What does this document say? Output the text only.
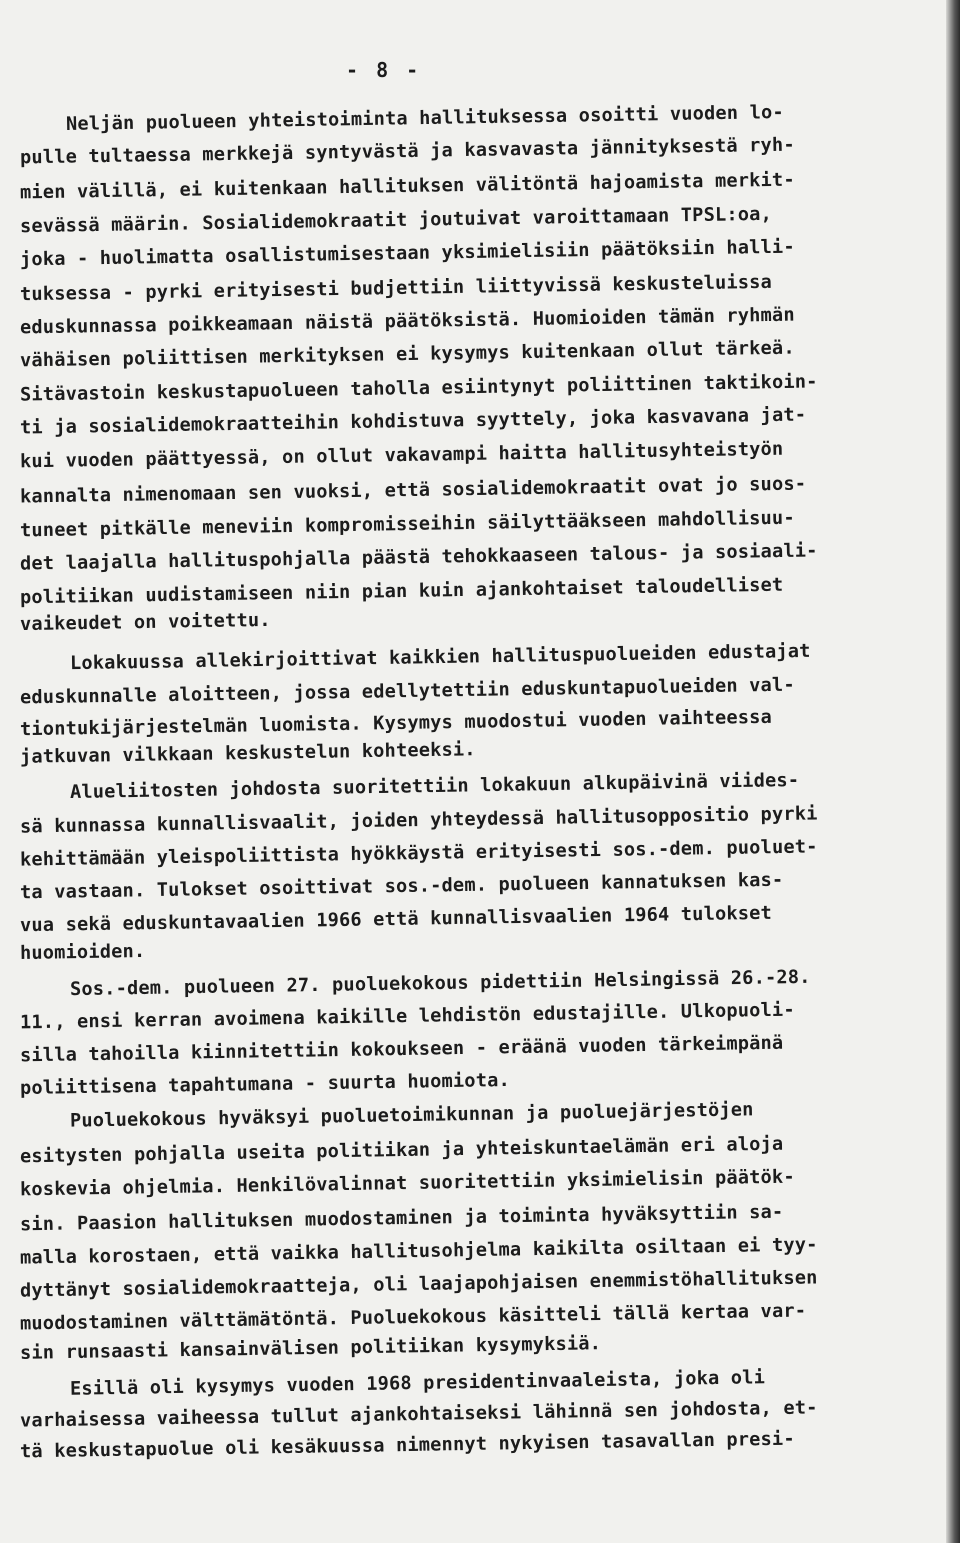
- 8 -
Neljän puolueen yhteistoiminta hallituksessa osoitti vuoden lo-
pulle tultaessa merkkejä syntyvästä ja kasvavasta jännityksestä ryh-
mien välillä, ei kuitenkaan hallituksen välitöntä hajoamista merkit-
sevässä määrin. Sosialidemokraatit joutuivat varoittamaan TPSL:oa,
joka - huolimatta osallistumisestaan yksimielisiin päätöksiin halli-
tuksessa - pyrki erityisesti budjettiin liittyvissä keskusteluissa
eduskunnassa poikkeamaan näistä päätöksistä. Huomioiden tämän ryhmän
vähäisen poliittisen merkityksen ei kysymys kuitenkaan ollut tärkeä.
Sitävastoin keskustapuolueen taholla esiintynyt poliittinen taktikoin-
ti ja sosialidemokraatteihin kohdistuva syyttely, joka kasvavana jat-
kui vuoden päättyessä, on ollut vakavampi haitta hallitusyhteistyön
kannalta nimenomaan sen vuoksi, että sosialidemokraatit ovat jo suos-
tuneet pitkälle meneviin kompromisseihin säilyttääkseen mahdollisuu-
det laajalla hallituspohjalla päästä tehokkaaseen talous- ja sosiaali-
politiikan uudistamiseen niin pian kuin ajankohtaiset taloudelliset
vaikeudet on voitettu.
Lokakuussa allekirjoittivat kaikkien hallituspuolueiden edustajat
eduskunnalle aloitteen, jossa edellytettiin eduskuntapuolueiden val-
tiontukijärjestelmän luomista. Kysymys muodostui vuoden vaihteessa
jatkuvan vilkkaan keskustelun kohteeksi.
Alueliitosten johdosta suoritettiin lokakuun alkupäivinä viides-
sä kunnassa kunnallisvaalit, joiden yhteydessä hallitusoppositio pyrki
kehittämään yleispoliittista hyökkäystä erityisesti sos.-dem. puoluet-
ta vastaan. Tulokset osoittivat sos.-dem. puolueen kannatuksen kas-
vua sekä eduskuntavaalien 1966 että kunnallisvaalien 1964 tulokset
huomioiden.
Sos.-dem. puolueen 27. puoluekokous pidettiin Helsingissä 26.-28.
11., ensi kerran avoimena kaikille lehdistön edustajille. Ulkopuoli-
silla tahoilla kiinnitettiin kokoukseen - eräänä vuoden tärkeimpänä
poliittisena tapahtumana - suurta huomiota.
Puoluekokous hyväksyi puoluetoimikunnan ja puoluejärjestöjen
esitysten pohjalla useita politiikan ja yhteiskuntaelämän eri aloja
koskevia ohjelmia. Henkilövalinnat suoritettiin yksimielisin päätök-
sin. Paasion hallituksen muodostaminen ja toiminta hyväksyttiin sa-
malla korostaen, että vaikka hallitusohjelma kaikilta osiltaan ei tyy-
dyttänyt sosialidemokraatteja, oli laajapohjaisen enemmistöhallituksen
muodostaminen välttämätöntä. Puoluekokous käsitteli tällä kertaa var-
sin runsaasti kansainvälisen politiikan kysymyksiä.
Esillä oli kysymys vuoden 1968 presidentinvaaleista, joka oli
varhaisessa vaiheessa tullut ajankohtaiseksi lähinnä sen johdosta, et-
tä keskustapuolue oli kesäkuussa nimennyt nykyisen tasavallan presi-
